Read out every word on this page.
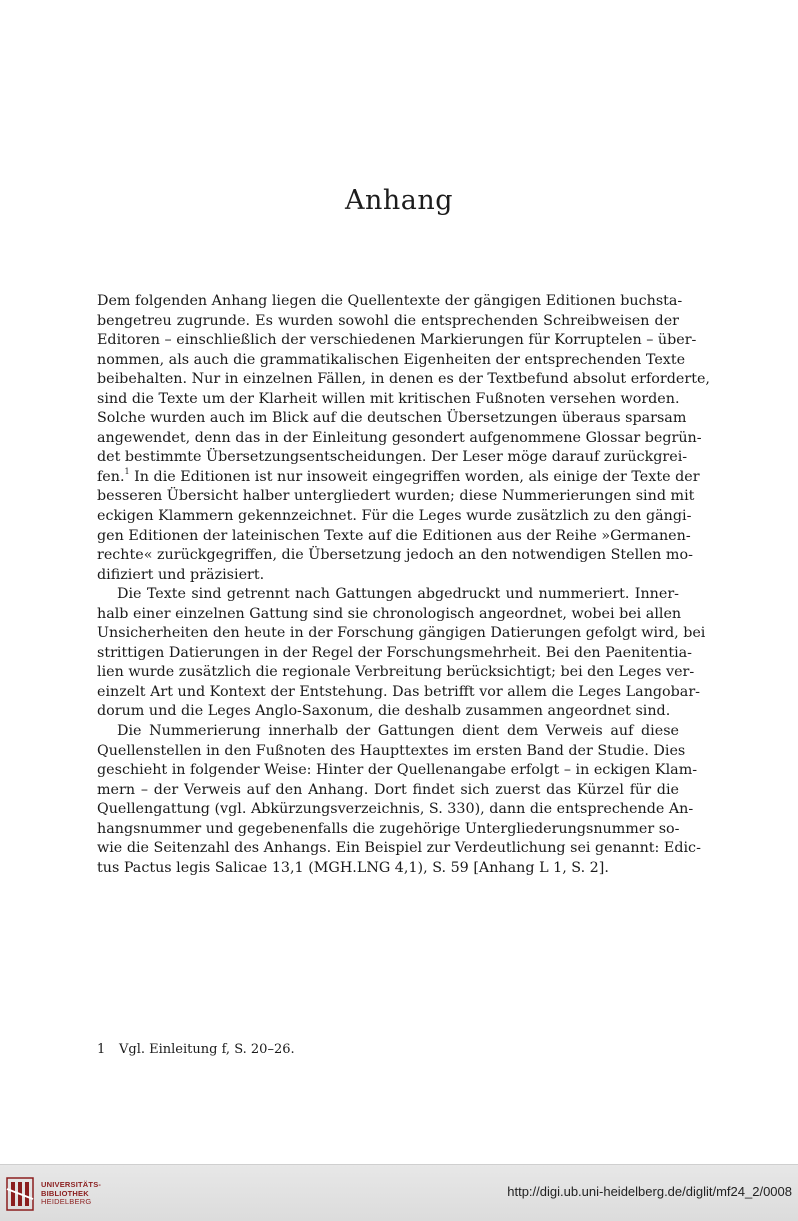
Anhang
Dem folgenden Anhang liegen die Quellentexte der gängigen Editionen buchsta-
bengetreu zugrunde. Es wurden sowohl die entsprechenden Schreibweisen der
Editoren – einschließlich der verschiedenen Markierungen für Korruptelen – über-
nommen, als auch die grammatikalischen Eigenheiten der entsprechenden Texte
beibehalten. Nur in einzelnen Fällen, in denen es der Textbefund absolut erforderte,
sind die Texte um der Klarheit willen mit kritischen Fußnoten versehen worden.
Solche wurden auch im Blick auf die deutschen Übersetzungen überaus sparsam
angewendet, denn das in der Einleitung gesondert aufgenommene Glossar begrün-
det bestimmte Übersetzungsentscheidungen. Der Leser möge darauf zurückgrei-
fen.$^1$ In die Editionen ist nur insoweit eingegriffen worden, als einige der Texte der
besseren Übersicht halber untergliedert wurden; diese Nummerierungen sind mit
eckigen Klammern gekennzeichnet. Für die Leges wurde zusätzlich zu den gängi-
gen Editionen der lateinischen Texte auf die Editionen aus der Reihe »Germanen-
rechte« zurückgegriffen, die Übersetzung jedoch an den notwendigen Stellen mo-
difiziert und präzisiert.
Die Texte sind getrennt nach Gattungen abgedruckt und nummeriert. Inner-
halb einer einzelnen Gattung sind sie chronologisch angeordnet, wobei bei allen
Unsicherheiten den heute in der Forschung gängigen Datierungen gefolgt wird, bei
strittigen Datierungen in der Regel der Forschungsmehrheit. Bei den Paenitentia-
lien wurde zusätzlich die regionale Verbreitung berücksichtigt; bei den Leges ver-
einzelt Art und Kontext der Entstehung. Das betrifft vor allem die Leges Langobar-
dorum und die Leges Anglo-Saxonum, die deshalb zusammen angeordnet sind.
Die Nummerierung innerhalb der Gattungen dient dem Verweis auf diese
Quellenstellen in den Fußnoten des Haupttextes im ersten Band der Studie. Dies
geschieht in folgender Weise: Hinter der Quellenangabe erfolgt – in eckigen Klam-
mern – der Verweis auf den Anhang. Dort findet sich zuerst das Kürzel für die
Quellengattung (vgl. Abkürzungsverzeichnis, S. 330), dann die entsprechende An-
hangsnummer und gegebenenfalls die zugehörige Untergliederungsnummer so-
wie die Seitenzahl des Anhangs. Ein Beispiel zur Verdeutlichung sei genannt: Edic-
tus Pactus legis Salicae 13,1 (MGH.LNG 4,1), S. 59 [Anhang L 1, S. 2].
1 Vgl. Einleitung f, S. 20–26.
UNIVERSITÄTS-
BIBLIOTHEK
HEIDELBERG
http://digi.ub.uni-heidelberg.de/diglit/mf24_2/0008
